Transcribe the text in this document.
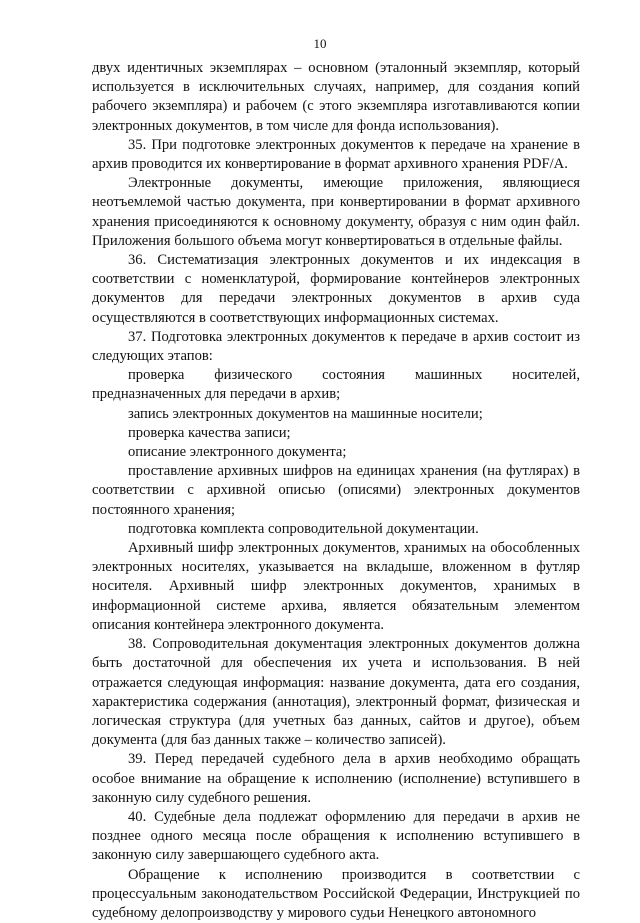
10

двух идентичных экземплярах – основном (эталонный экземпляр, который используется в исключительных случаях, например, для создания копий рабочего экземпляра) и рабочем (с этого экземпляра изготавливаются копии электронных документов, в том числе для фонда использования).

35. При подготовке электронных документов к передаче на хранение в архив проводится их конвертирование в формат архивного хранения PDF/A.

Электронные документы, имеющие приложения, являющиеся неотъемлемой частью документа, при конвертировании в формат архивного хранения присоединяются к основному документу, образуя с ним один файл. Приложения большого объема могут конвертироваться в отдельные файлы.

36. Систематизация электронных документов и их индексация в соответствии с номенклатурой, формирование контейнеров электронных документов для передачи электронных документов в архив суда осуществляются в соответствующих информационных системах.

37. Подготовка электронных документов к передаче в архив состоит из следующих этапов:

проверка физического состояния машинных носителей, предназначенных для передачи в архив;

запись электронных документов на машинные носители;

проверка качества записи;

описание электронного документа;

проставление архивных шифров на единицах хранения (на футлярах) в соответствии с архивной описью (описями) электронных документов постоянного хранения;

подготовка комплекта сопроводительной документации.

Архивный шифр электронных документов, хранимых на обособленных электронных носителях, указывается на вкладыше, вложенном в футляр носителя. Архивный шифр электронных документов, хранимых в информационной системе архива, является обязательным элементом описания контейнера электронного документа.

38. Сопроводительная документация электронных документов должна быть достаточной для обеспечения их учета и использования. В ней отражается следующая информация: название документа, дата его создания, характеристика содержания (аннотация), электронный формат, физическая и логическая структура (для учетных баз данных, сайтов и другое), объем документа (для баз данных также – количество записей).

39. Перед передачей судебного дела в архив необходимо обращать особое внимание на обращение к исполнению (исполнение) вступившего в законную силу судебного решения.

40. Судебные дела подлежат оформлению для передачи в архив не позднее одного месяца после обращения к исполнению вступившего в законную силу завершающего судебного акта.

Обращение к исполнению производится в соответствии с процессуальным законодательством Российской Федерации, Инструкцией по судебному делопроизводству у мирового судьи Ненецкого автономного
